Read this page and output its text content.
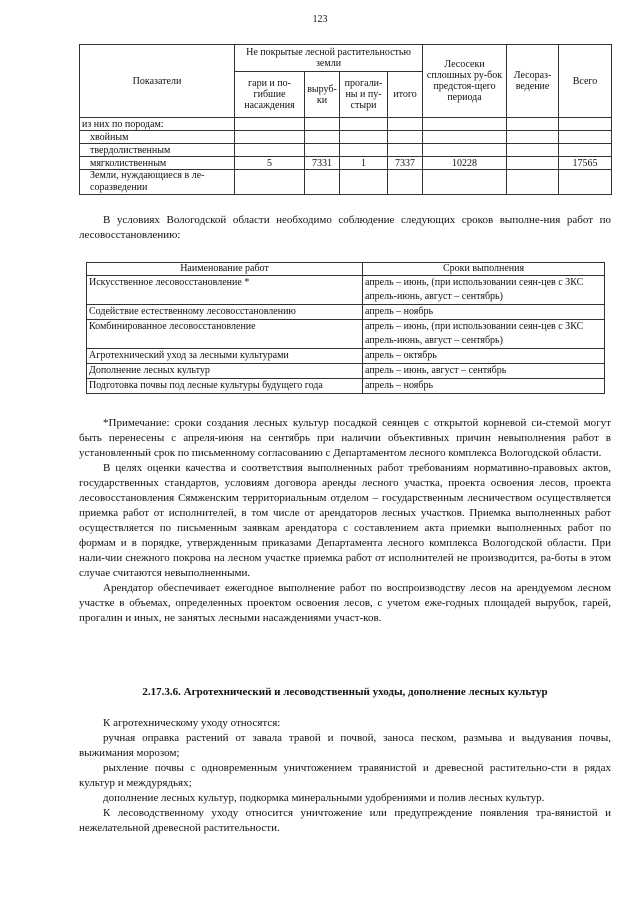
123
Показатели	Не покрытые лесной растительностью земли				Лесосеки сплошных ру-бок предстоя-щего периода	Лесораз-ведение	Всего
	гари и по-гибшие насаждения	выруб-ки	прогали-ны и пу-стыри	итого			
из них по породам:							
хвойным							
твердолиственным							
мягколиственным	5	7331	1	7337	10228		17565
Земли, нуждающиеся в ле-соразведении							

В условиях Вологодской области необходимо соблюдение следующих сроков выполне-ния работ по лесовосстановлению:

Наименование работ	Сроки выполнения
Искусственное лесовосстановление *	апрель – июнь, (при использовании сеян-цев с ЗКС апрель-июнь, август – сентябрь)
Содействие естественному лесовосстановлению	апрель – ноябрь
Комбинированное лесовосстановление	апрель – июнь, (при использовании сеян-цев с ЗКС апрель-июнь, август – сентябрь)
Агротехнический уход за лесными культурами	апрель – октябрь
Дополнение лесных культур	апрель – июнь, август – сентябрь
Подготовка почвы под лесные культуры будущего года	апрель – ноябрь

*Примечание: сроки создания лесных культур посадкой сеянцев с открытой корневой си-стемой могут быть перенесены с апреля-июня на сентябрь при наличии объективных причин невыполнения работ в установленный срок по письменному согласованию с Департаментом лесного комплекса Вологодской области.

В целях оценки качества и соответствия выполненных работ требованиям нормативно-правовых актов, государственных стандартов, условиям договора аренды лесного участка, проекта освоения лесов, проекта лесовосстановления Сямженским территориальным отделом – государственным лесничеством осуществляется приемка работ от исполнителей, в том числе от арендаторов лесных участков. Приемка выполненных работ осуществляется по письменным заявкам арендатора с составлением акта приемки выполненных работ по формам и в порядке, утвержденным приказами Департамента лесного комплекса Вологодской области. При нали-чии снежного покрова на лесном участке приемка работ от исполнителей не производится, ра-боты в этом случае считаются невыполненными.

Арендатор обеспечивает ежегодное выполнение работ по воспроизводству лесов на арендуемом лесном участке в объемах, определенных проектом освоения лесов, с учетом еже-годных площадей вырубок, гарей, прогалин и иных, не занятых лесными насаждениями участ-ков.

2.17.3.6. Агротехнический и лесоводственный уходы, дополнение лесных культур

К агротехническому уходу относятся:

ручная оправка растений от завала травой и почвой, заноса песком, размыва и выдувания почвы, выжимания морозом;

рыхление почвы с одновременным уничтожением травянистой и древесной растительно-сти в рядах культур и междурядьях;

дополнение лесных культур, подкормка минеральными удобрениями и полив лесных культур.

К лесоводственному уходу относится уничтожение или предупреждение появления тра-вянистой и нежелательной древесной растительности.
